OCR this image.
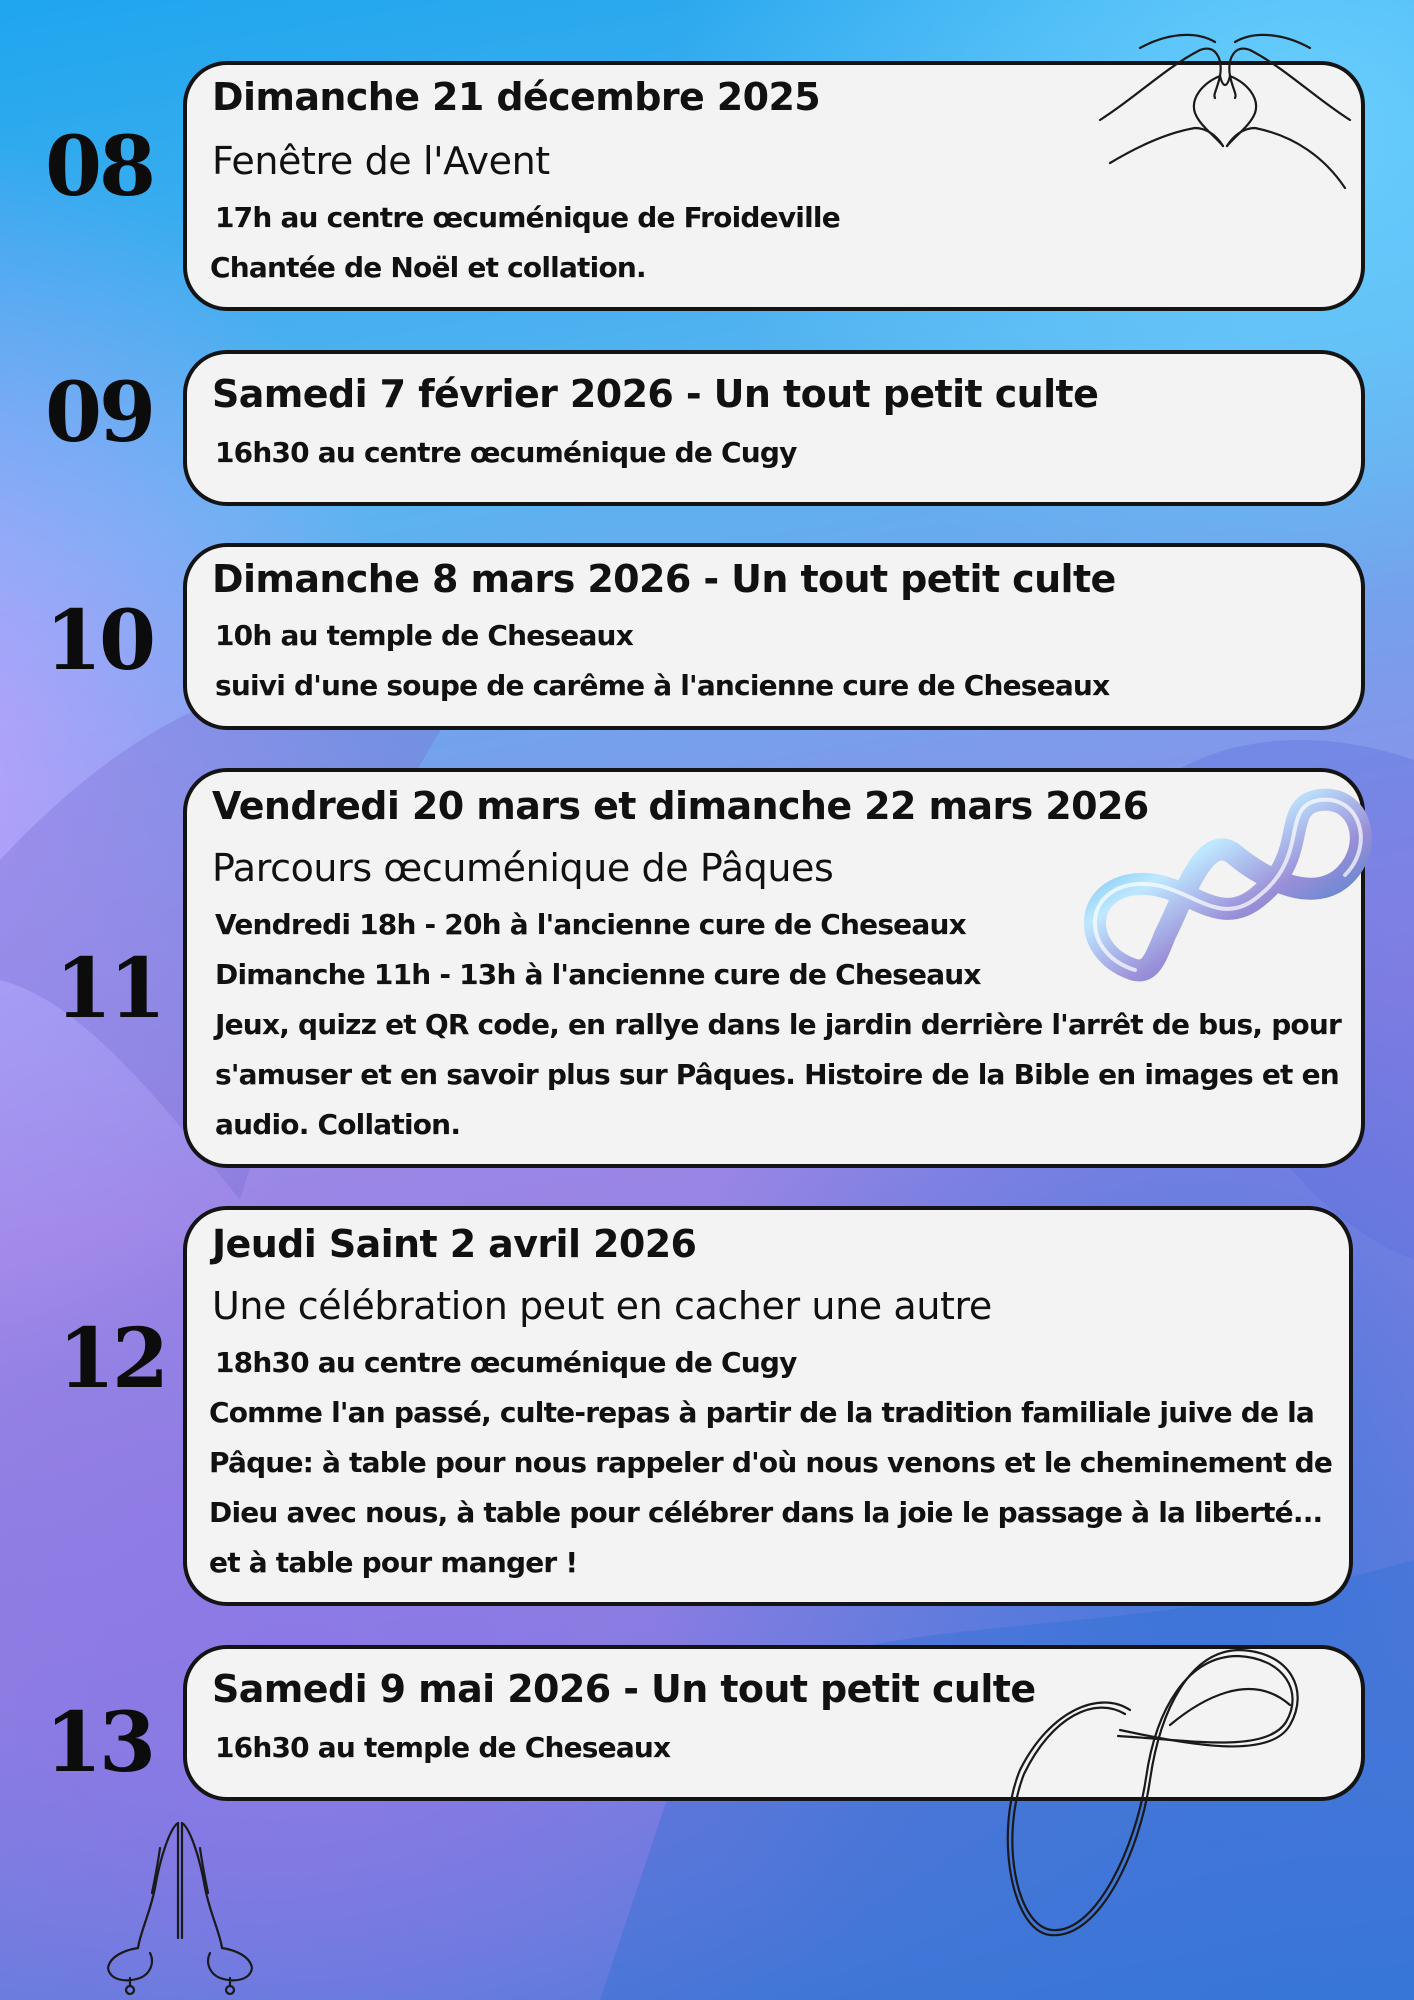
08
Dimanche 21 décembre 2025
Fenêtre de l'Avent
17h au centre œcuménique de Froideville
Chantée de Noël et collation.
09 Samedi 7 février 2026 - Un tout petit culte
16h30 au centre œcuménique de Cugy
10
Dimanche 8 mars 2026 - Un tout petit culte
10h au temple de Cheseaux
suivi d'une soupe de carême à l'ancienne cure de Cheseaux
11
Vendredi 20 mars et dimanche 22 mars 2026
Parcours œcuménique de Pâques
Vendredi 18h - 20h à l'ancienne cure de Cheseaux
Dimanche 11h - 13h à l'ancienne cure de Cheseaux
Jeux, quizz et QR code, en rallye dans le jardin derrière l'arrêt de bus, pour
s'amuser et en savoir plus sur Pâques. Histoire de la Bible en images et en
audio. Collation.
12
Jeudi Saint 2 avril 2026
Une célébration peut en cacher une autre
18h30 au centre œcuménique de Cugy
Comme l'an passé, culte-repas à partir de la tradition familiale juive de la
Pâque: à table pour nous rappeler d'où nous venons et le cheminement de
Dieu avec nous, à table pour célébrer dans la joie le passage à la liberté...
et à table pour manger !
13
Samedi 9 mai 2026 - Un tout petit culte
16h30 au temple de Cheseaux
